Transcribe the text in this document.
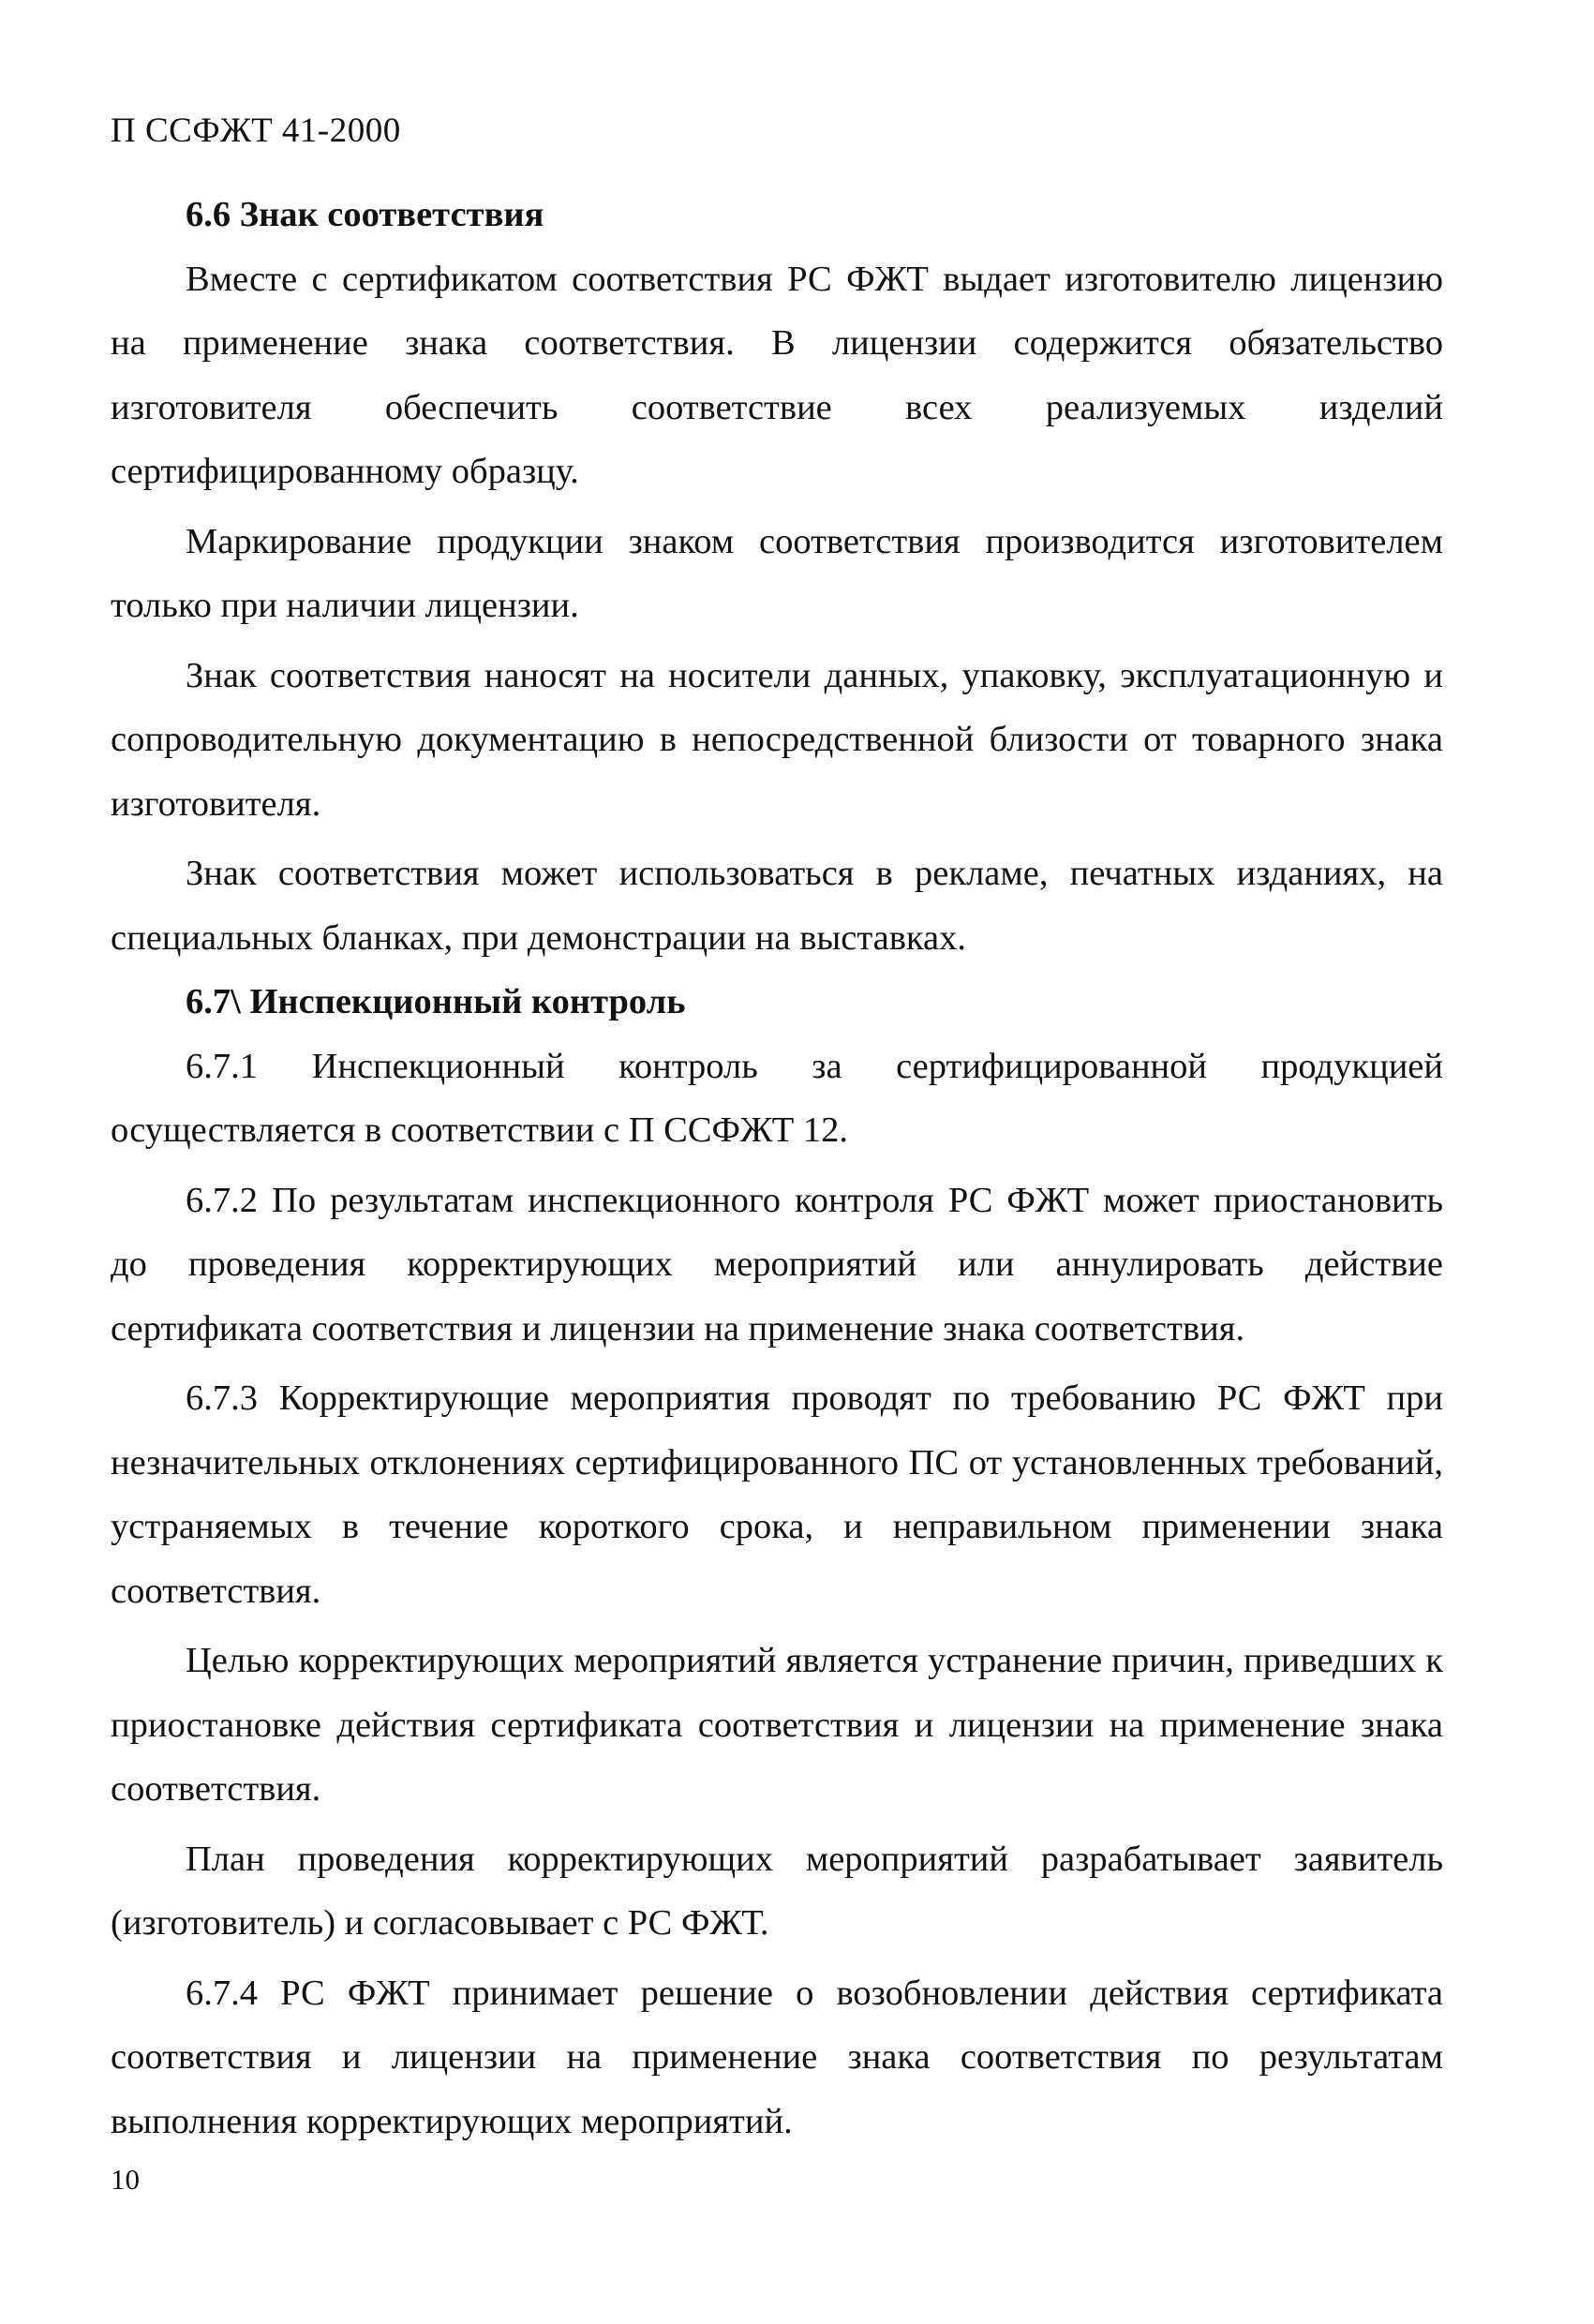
П ССФЖТ 41-2000
6.6 Знак соответствия

Вместе с сертификатом соответствия РС ФЖТ выдает изготовителю лицензию на применение знака соответствия. В лицензии содержится обязательство изготовителя обеспечить соответствие всех реализуемых изделий сертифицированному образцу.

Маркирование продукции знаком соответствия производится изготовителем только при наличии лицензии.

Знак соответствия наносят на носители данных, упаковку, эксплуатационную и сопроводительную документацию в непосредственной близости от товарного знака изготовителя.

Знак соответствия может использоваться в рекламе, печатных изданиях, на специальных бланках, при демонстрации на выставках.

6.7\ Инспекционный контроль

6.7.1 Инспекционный контроль за сертифицированной продукцией осуществляется в соответствии с П ССФЖТ 12.

6.7.2 По результатам инспекционного контроля РС ФЖТ может приостановить до проведения корректирующих мероприятий или аннулировать действие сертификата соответствия и лицензии на применение знака соответствия.

6.7.3 Корректирующие мероприятия проводят по требованию РС ФЖТ при незначительных отклонениях сертифицированного ПС от установленных требований, устраняемых в течение короткого срока, и неправильном применении знака соответствия.

Целью корректирующих мероприятий является устранение причин, приведших к приостановке действия сертификата соответствия и лицензии на применение знака соответствия.

План проведения корректирующих мероприятий разрабатывает заявитель (изготовитель) и согласовывает с РС ФЖТ.

6.7.4 РС ФЖТ принимает решение о возобновлении действия сертификата соответствия и лицензии на применение знака соответствия по результатам выполнения корректирующих мероприятий.

10
